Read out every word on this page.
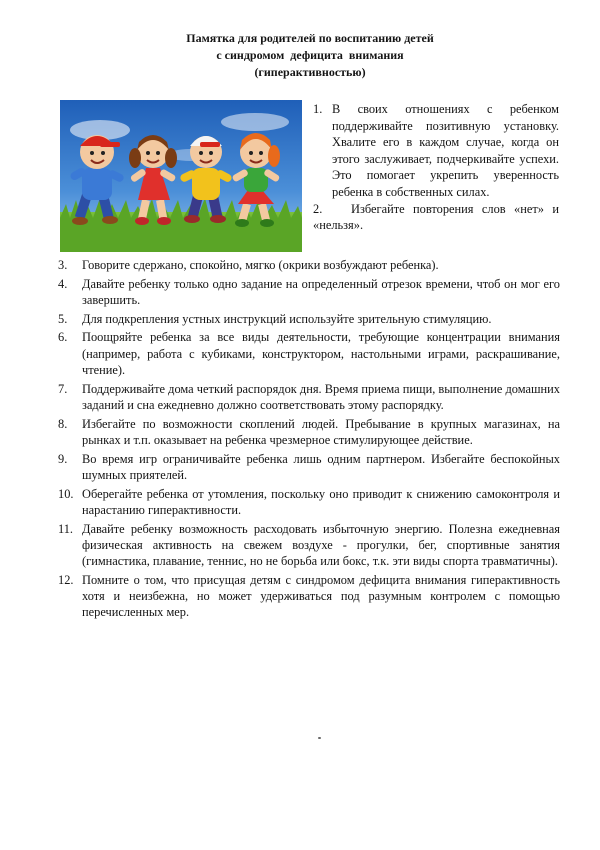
Памятка для родителей по воспитанию детей
с синдромом  дефицита  внимания
(гиперактивностью)
1. В своих отношениях с ребенком поддерживайте позитивную установку. Хвалите его в каждом случае, когда он этого заслуживает, подчеркивайте успехи. Это помогает укрепить уверенность ребенка в собственных силах.
2. Избегайте повторения слов «нет» и «нельзя».
3. Говорите сдержано, спокойно, мягко (окрики возбуждают ребенка).
4. Давайте ребенку только одно задание на определенный отрезок времени, чтоб он мог его завершить.
5. Для подкрепления устных инструкций используйте зрительную стимуляцию.
6. Поощряйте ребенка за все виды деятельности, требующие концентрации внимания (например, работа с кубиками, конструктором, настольными играми, раскрашивание, чтение).
7. Поддерживайте дома четкий распорядок дня. Время приема пищи, выполнение домашних заданий и сна ежедневно должно соответствовать этому распорядку.
8. Избегайте по возможности скоплений людей. Пребывание в крупных магазинах, на рынках и т.п. оказывает на ребенка чрезмерное стимулирующее действие.
9. Во время игр ограничивайте ребенка лишь одним партнером. Избегайте беспокойных шумных приятелей.
10. Оберегайте ребенка от утомления, поскольку оно приводит к снижению самоконтроля и нарастанию гиперактивности.
11. Давайте ребенку возможность расходовать избыточную энергию. Полезна ежедневная физическая активность на свежем воздухе - прогулки, бег, спортивные занятия (гимнастика, плавание, теннис, но не борьба или бокс, т.к. эти виды спорта травматичны).
12. Помните о том, что присущая детям с синдромом дефицита внимания гиперактивность хотя и неизбежна, но может удерживаться под разумным контролем с помощью перечисленных мер.
